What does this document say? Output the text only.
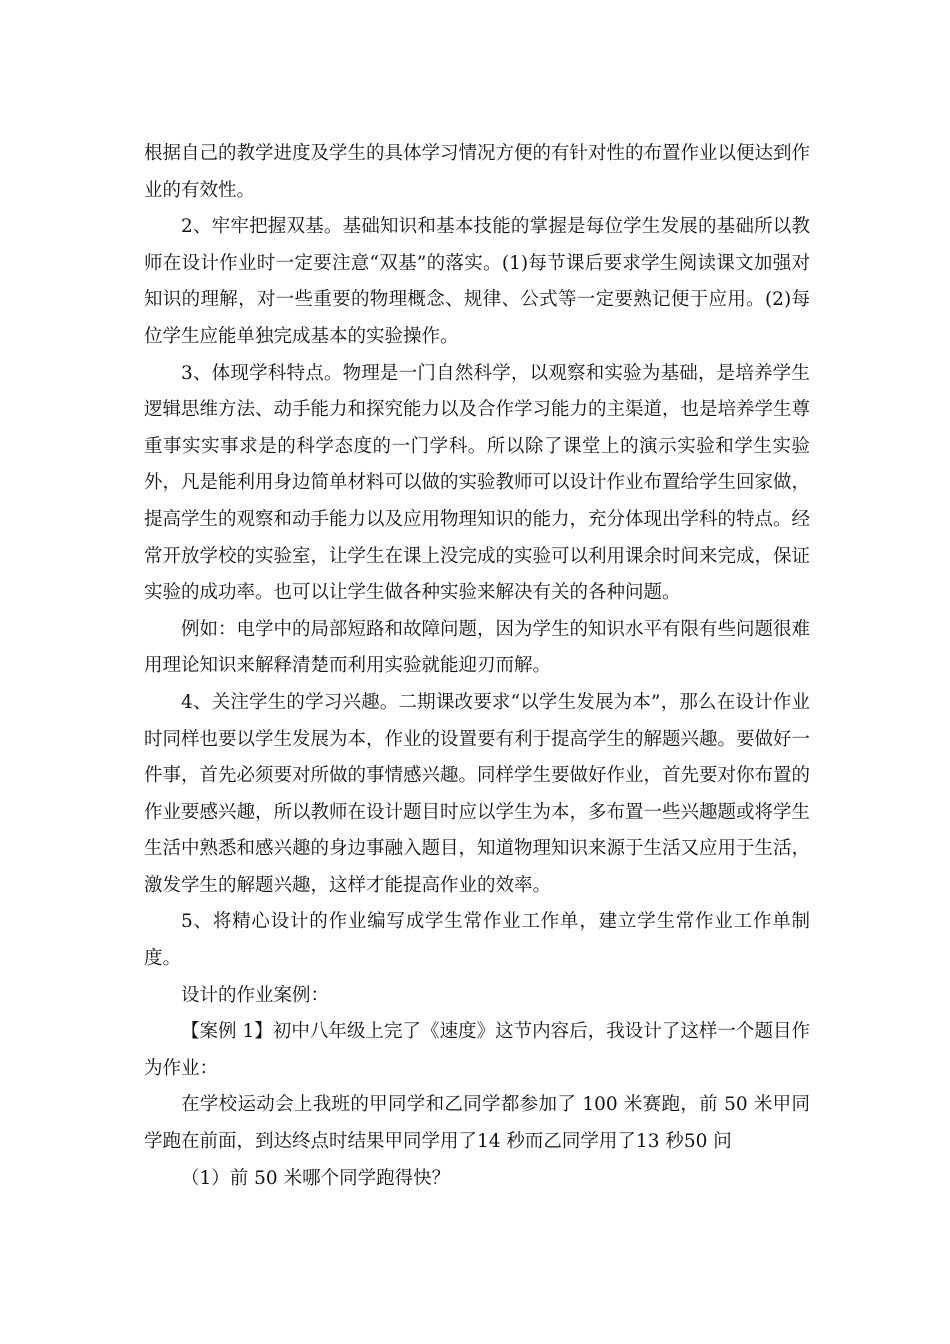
根据自己的教学进度及学生的具体学习情况方便的有针对性的布置作业以便达到作业的有效性。

2、牢牢把握双基。基础知识和基本技能的掌握是每位学生发展的基础所以教师在设计作业时一定要注意“双基”的落实。(1)每节课后要求学生阅读课文加强对知识的理解，对一些重要的物理概念、规律、公式等一定要熟记便于应用。(2)每位学生应能单独完成基本的实验操作。

3、体现学科特点。物理是一门自然科学，以观察和实验为基础，是培养学生逻辑思维方法、动手能力和探究能力以及合作学习能力的主渠道，也是培养学生尊重事实实事求是的科学态度的一门学科。所以除了课堂上的演示实验和学生实验外，凡是能利用身边简单材料可以做的实验教师可以设计作业布置给学生回家做，提高学生的观察和动手能力以及应用物理知识的能力，充分体现出学科的特点。经常开放学校的实验室，让学生在课上没完成的实验可以利用课余时间来完成，保证实验的成功率。也可以让学生做各种实验来解决有关的各种问题。

例如：电学中的局部短路和故障问题，因为学生的知识水平有限有些问题很难用理论知识来解释清楚而利用实验就能迎刃而解。

4、关注学生的学习兴趣。二期课改要求“以学生发展为本”，那么在设计作业时同样也要以学生发展为本，作业的设置要有利于提高学生的解题兴趣。要做好一件事，首先必须要对所做的事情感兴趣。同样学生要做好作业，首先要对你布置的作业要感兴趣，所以教师在设计题目时应以学生为本，多布置一些兴趣题或将学生生活中熟悉和感兴趣的身边事融入题目，知道物理知识来源于生活又应用于生活，激发学生的解题兴趣，这样才能提高作业的效率。

5、将精心设计的作业编写成学生常作业工作单，建立学生常作业工作单制度。

设计的作业案例：

【案例 1】初中八年级上完了《速度》这节内容后，我设计了这样一个题目作为作业：

在学校运动会上我班的甲同学和乙同学都参加了 100 米赛跑，前 50 米甲同学跑在前面，到达终点时结果甲同学用了14 秒而乙同学用了13 秒50 问

（1）前 50 米哪个同学跑得快？
